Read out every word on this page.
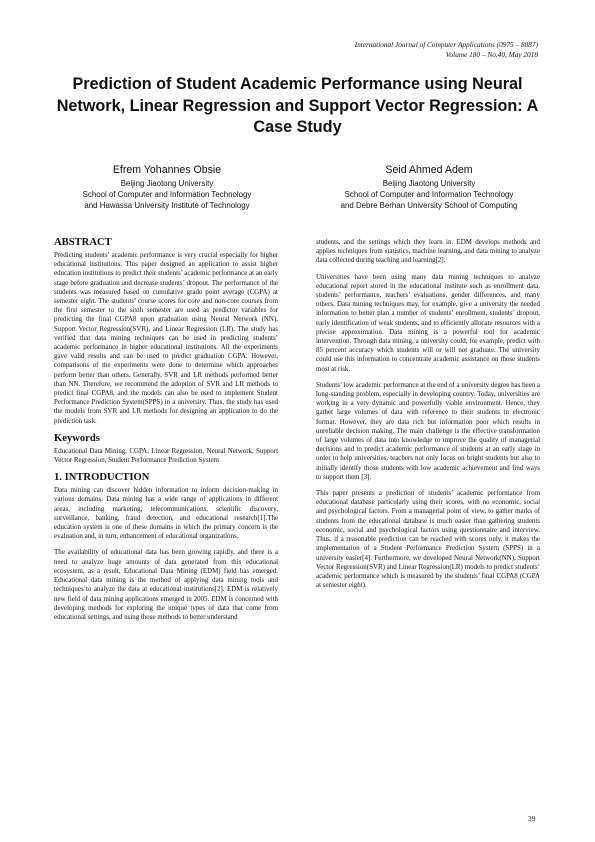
International Journal of Computer Applications (0975 – 8887)
Volume 180 – No.40, May 2018
Prediction of Student Academic Performance using Neural Network, Linear Regression and Support Vector Regression: A Case Study
Efrem Yohannes Obsie
Beijing Jiaotong University
School of Computer and Information Technology
and Hawassa University Institute of Technology
Seid Ahmed Adem
Beijing Jiaotong University
School of Computer and Information Technology
and Debre Berhan University School of Computing
ABSTRACT

Predicting students’ academic performance is very crucial especially for higher educational institutions. This paper designed an application to assist higher education institutions to predict their students’ academic performance at an early stage before graduation and decrease students’ dropout. The performance of the students was measured based on cumulative grade point average (CGPA) at semester eight. The students’ course scores for core and non-core courses from the first semester to the sixth semester are used as predictor variables for predicting the final CGPA8 upon graduation using Neural Network (NN), Support Vector Regression(SVR), and Linear Regression (LR). The study has verified that data mining techniques can be used in predicting students’ academic performance in higher educational institutions. All the experiments gave valid results and can be used to predict graduation CGPA. However, comparisons of the experiments were done to determine which approaches perform better than others. Generally, SVR and LR methods performed better than NN. Therefore, we recommend the adoption of SVR and LR methods to predict final CGPA8, and the models can also be used to implement Student Performance Prediction System(SPPS) in a university. Thus, the study has used the models from SVR and LR methods for designing an application to do the prediction task.

Keywords

Educational Data Mining, CGPA, Linear Regression, Neural Network, Support Vector Regression, Student Performance Prediction System

1. INTRODUCTION

Data mining can discover hidden information to inform decision-making in various domains. Data mining has a wide range of applications in different areas, including marketing, telecommunications, scientific discovery, surveillance, banking, fraud detection, and educational research[1].The education system is one of these domains in which the primary concern is the evaluation and, in turn, enhancement of educational organizations.

The availability of educational data has been growing rapidly, and there is a need to analyze huge amounts of data generated from this educational ecosystem, as a result, Educational Data Mining (EDM) field has emerged. Educational data mining is the method of applying data mining tools and techniques to analyze the data at educational institutions[2]. EDM is relatively new field of data mining applications emerged in 2005. EDM is concerned with developing methods for exploring the unique types of data that come from educational settings, and using those methods to better understand

students, and the settings which they learn in. EDM develops methods and applies techniques from statistics, machine learning, and data mining to analyze data collected during teaching and learning[2].

Universities have been using many data mining techniques to analyze educational report stored in the educational institute such as enrollment data, students’ performance, teachers’ evaluations, gender differences, and many others. Data mining techniques may, for example, give a university the needed information to better plan a number of students’ enrollment, students’ dropout, early identification of weak students, and to efficiently allocate resources with a precise approximation. Data mining is a powerful tool for academic intervention. Through data mining, a university could, for example, predict with 85 percent accuracy which students will or will not graduate. The university could use this information to concentrate academic assistance on those students most at risk.

Students’ low academic performance at the end of a university degree has been a long-standing problem, especially in developing country. Today, universities are working in a very dynamic and powerfully viable environment. Hence, they gather large volumes of data with reference to their students in electronic format. However, they are data rich but information poor which results in unreliable decision making. The main challenge is the effective transformation of large volumes of data into knowledge to improve the quality of managerial decisions and to predict academic performance of students at an early stage in order to help universities, teachers not only focus on bright students but also to initially identify those students with low academic achievement and find ways to support them [3].

This paper presents a prediction of students’ academic performance from educational database particularly using their scores, with no economic, social and psychological factors. From a managerial point of view, to gather marks of students from the educational database is much easier than gathering students economic, social and psychological factors using questionnaire and interview. Thus, if a reasonable prediction can be reached with scores only, it makes the implementation of a Student Performance Prediction System (SPPS) in a university easier[4]. Furthermore, we developed Neural Network(NN), Support Vector Regression(SVR) and Linear Regression(LR) models to predict students’ academic performance which is measured by the students’ final CGPA8 (CGPA at semester eight).

39
